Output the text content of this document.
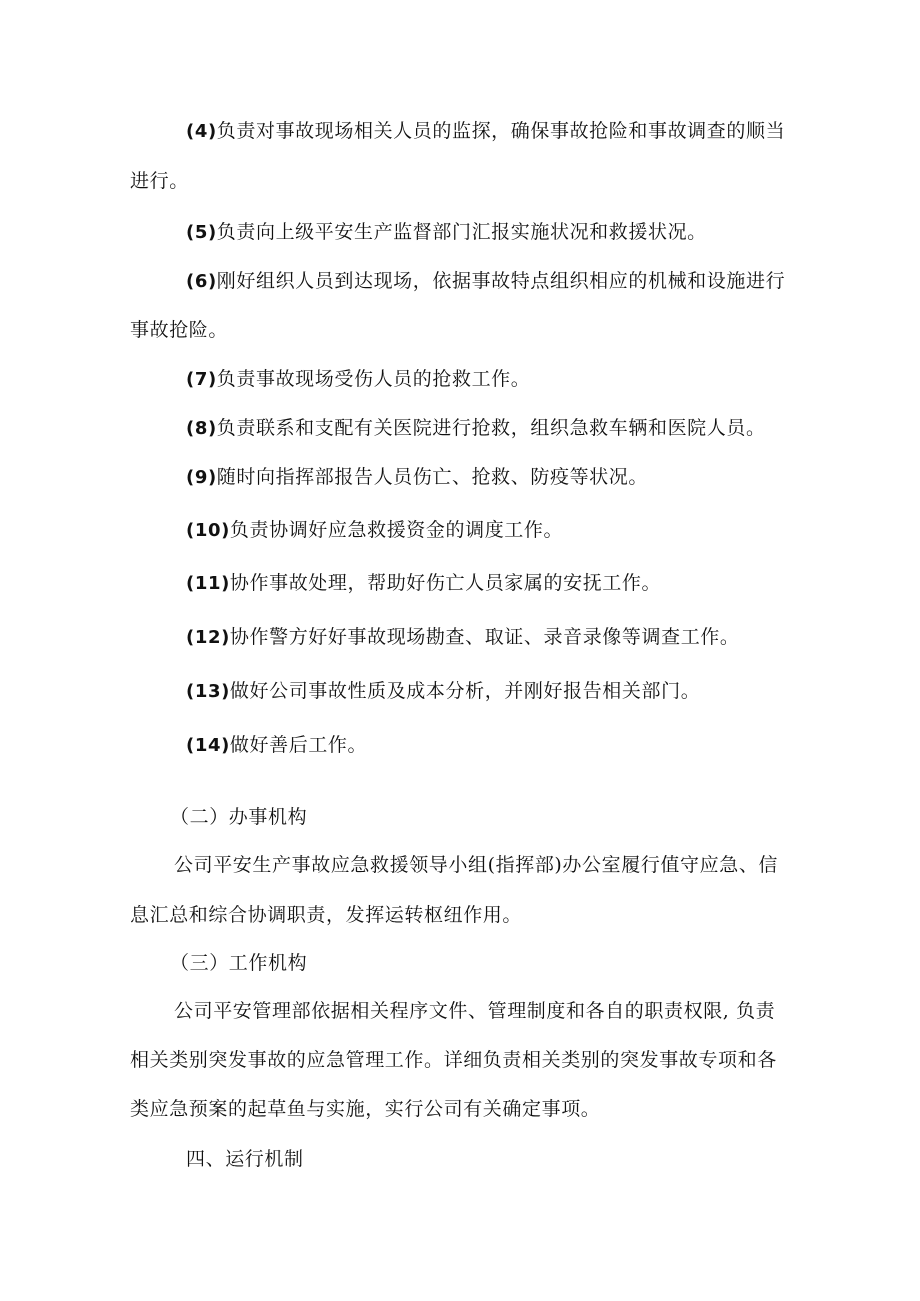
(4)负责对事故现场相关人员的监探，确保事故抢险和事故调查的顺当
进行。
(5)负责向上级平安生产监督部门汇报实施状况和救援状况。
(6)刚好组织人员到达现场，依据事故特点组织相应的机械和设施进行
事故抢险。
(7)负责事故现场受伤人员的抢救工作。
(8)负责联系和支配有关医院进行抢救，组织急救车辆和医院人员。
(9)随时向指挥部报告人员伤亡、抢救、防疫等状况。
(10)负责协调好应急救援资金的调度工作。
(11)协作事故处理，帮助好伤亡人员家属的安抚工作。
(12)协作警方好好事故现场勘查、取证、录音录像等调查工作。
(13)做好公司事故性质及成本分析，并刚好报告相关部门。
(14)做好善后工作。
（二）办事机构
公司平安生产事故应急救援领导小组(指挥部)办公室履行值守应急、信
息汇总和综合协调职责，发挥运转枢纽作用。
（三）工作机构
公司平安管理部依据相关程序文件、管理制度和各自的职责权限, 负责
相关类别突发事故的应急管理工作。详细负责相关类别的突发事故专项和各
类应急预案的起草鱼与实施，实行公司有关确定事项。
四、运行机制
